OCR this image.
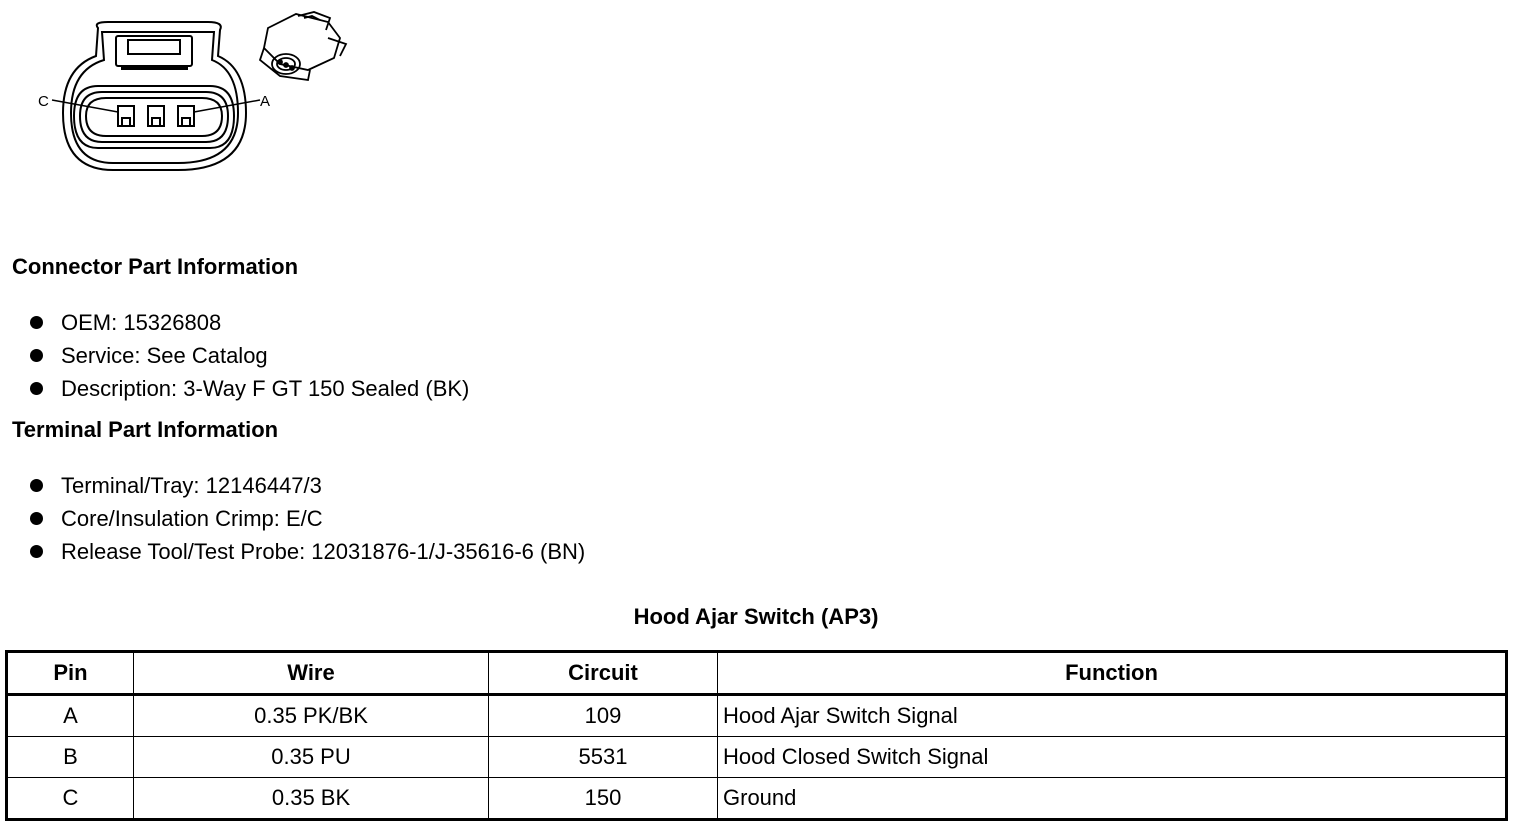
C	A
Connector Part Information
OEM: 15326808
Service: See Catalog
Description: 3-Way F GT 150 Sealed (BK)
Terminal Part Information
Terminal/Tray: 12146447/3
Core/Insulation Crimp: E/C
Release Tool/Test Probe: 12031876-1/J-35616-6 (BN)
Hood Ajar Switch (AP3)
Pin	Wire	Circuit	Function
A	0.35 PK/BK	109	Hood Ajar Switch Signal
B	0.35 PU	5531	Hood Closed Switch Signal
C	0.35 BK	150	Ground
